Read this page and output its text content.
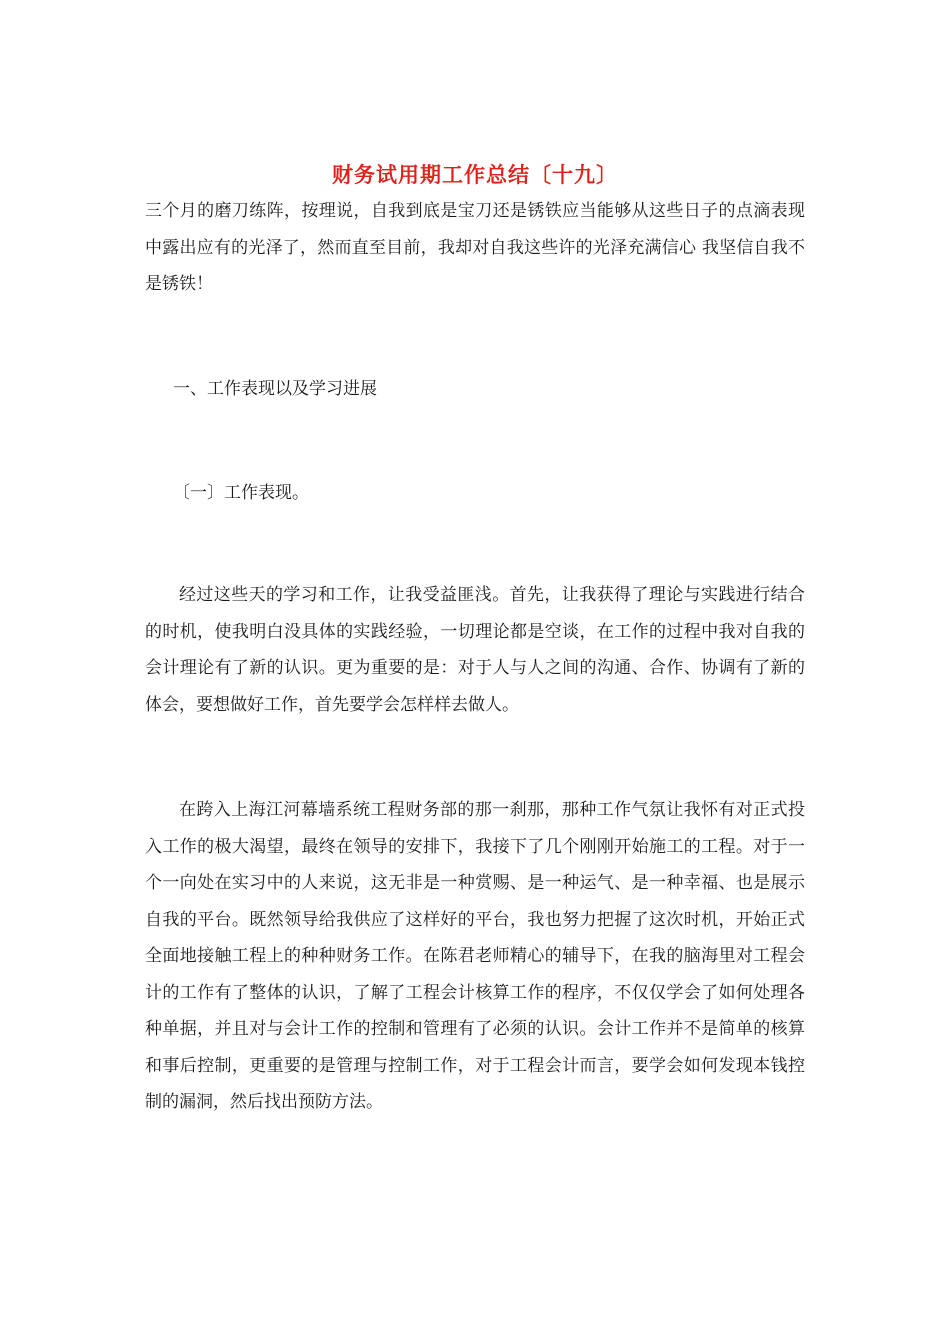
财务试用期工作总结〔十九〕

三个月的磨刀练阵，按理说，自我到底是宝刀还是锈铁应当能够从这些日子的点滴表现中露出应有的光泽了，然而直至目前，我却对自我这些许的光泽充满信心 我坚信自我不是锈铁！

一、工作表现以及学习进展

〔一〕工作表现。

经过这些天的学习和工作，让我受益匪浅。首先，让我获得了理论与实践进行结合的时机，使我明白没具体的实践经验，一切理论都是空谈，在工作的过程中我对自我的会计理论有了新的认识。更为重要的是：对于人与人之间的沟通、合作、协调有了新的体会，要想做好工作，首先要学会怎样样去做人。

在跨入上海江河幕墙系统工程财务部的那一刹那，那种工作气氛让我怀有对正式投入工作的极大渴望，最终在领导的安排下，我接下了几个刚刚开始施工的工程。对于一个一向处在实习中的人来说，这无非是一种赏赐、是一种运气、是一种幸福、也是展示自我的平台。既然领导给我供应了这样好的平台，我也努力把握了这次时机，开始正式全面地接触工程上的种种财务工作。在陈君老师精心的辅导下，在我的脑海里对工程会计的工作有了整体的认识，了解了工程会计核算工作的程序，不仅仅学会了如何处理各种单据，并且对与会计工作的控制和管理有了必须的认识。会计工作并不是简单的核算和事后控制，更重要的是管理与控制工作，对于工程会计而言，要学会如何发现本钱控制的漏洞，然后找出预防方法。
